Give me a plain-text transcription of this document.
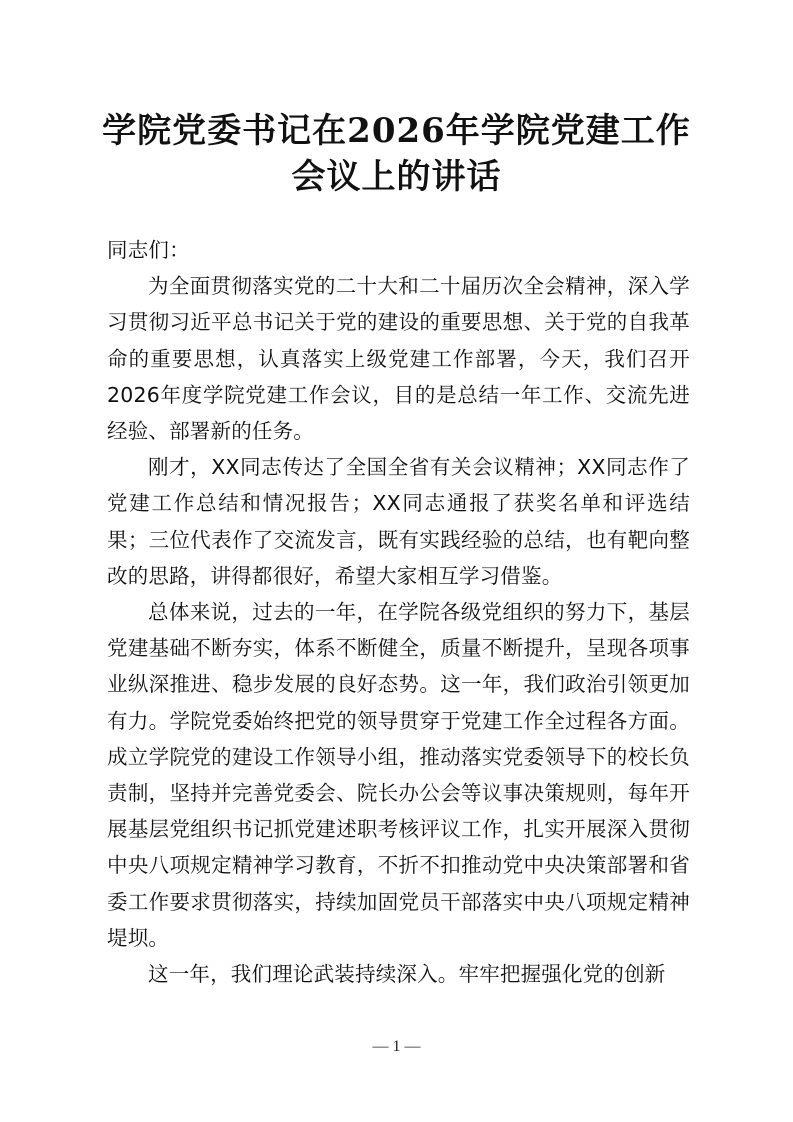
学院党委书记在2026年学院党建工作会议上的讲话

同志们：

为全面贯彻落实党的二十大和二十届历次全会精神，深入学习贯彻习近平总书记关于党的建设的重要思想、关于党的自我革命的重要思想，认真落实上级党建工作部署，今天，我们召开2026年度学院党建工作会议，目的是总结一年工作、交流先进经验、部署新的任务。

刚才，XX同志传达了全国全省有关会议精神；XX同志作了党建工作总结和情况报告；XX同志通报了获奖名单和评选结果；三位代表作了交流发言，既有实践经验的总结，也有靶向整改的思路，讲得都很好，希望大家相互学习借鉴。

总体来说，过去的一年，在学院各级党组织的努力下，基层党建基础不断夯实，体系不断健全，质量不断提升，呈现各项事业纵深推进、稳步发展的良好态势。这一年，我们政治引领更加有力。学院党委始终把党的领导贯穿于党建工作全过程各方面。成立学院党的建设工作领导小组，推动落实党委领导下的校长负责制，坚持并完善党委会、院长办公会等议事决策规则，每年开展基层党组织书记抓党建述职考核评议工作，扎实开展深入贯彻中央八项规定精神学习教育，不折不扣推动党中央决策部署和省委工作要求贯彻落实，持续加固党员干部落实中央八项规定精神堤坝。

这一年，我们理论武装持续深入。牢牢把握强化党的创新

— 1 —
